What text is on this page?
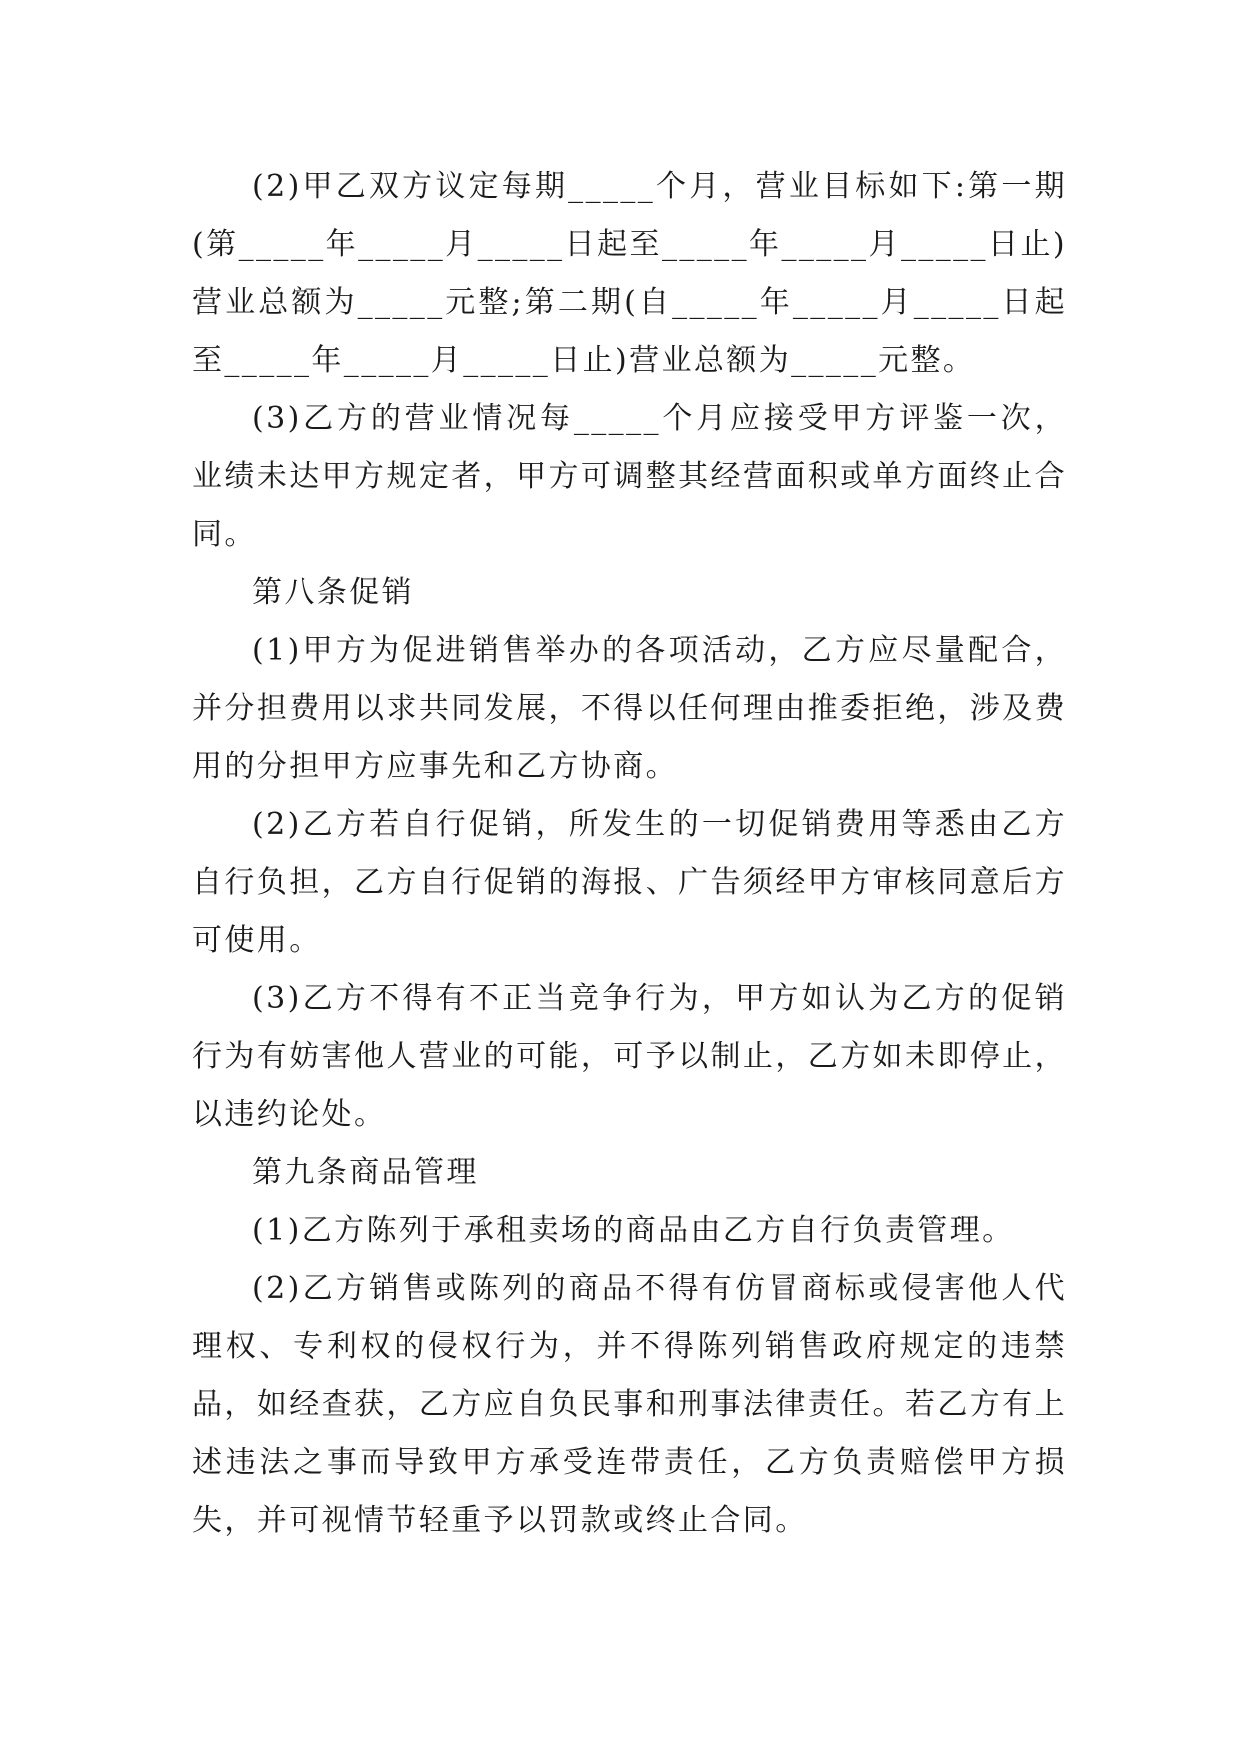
(2)甲乙双方议定每期_____个月，营业目标如下:第一期(第_____年_____月_____日起至_____年_____月_____日止)营业总额为_____元整;第二期(自_____年_____月_____日起至_____年_____月_____日止)营业总额为_____元整。

(3)乙方的营业情况每_____个月应接受甲方评鉴一次，业绩未达甲方规定者，甲方可调整其经营面积或单方面终止合同。

第八条促销

(1)甲方为促进销售举办的各项活动，乙方应尽量配合，并分担费用以求共同发展，不得以任何理由推委拒绝，涉及费用的分担甲方应事先和乙方协商。

(2)乙方若自行促销，所发生的一切促销费用等悉由乙方自行负担，乙方自行促销的海报、广告须经甲方审核同意后方可使用。

(3)乙方不得有不正当竞争行为，甲方如认为乙方的促销行为有妨害他人营业的可能，可予以制止，乙方如未即停止，以违约论处。

第九条商品管理

(1)乙方陈列于承租卖场的商品由乙方自行负责管理。

(2)乙方销售或陈列的商品不得有仿冒商标或侵害他人代理权、专利权的侵权行为，并不得陈列销售政府规定的违禁品，如经查获，乙方应自负民事和刑事法律责任。若乙方有上述违法之事而导致甲方承受连带责任，乙方负责赔偿甲方损失，并可视情节轻重予以罚款或终止合同。
